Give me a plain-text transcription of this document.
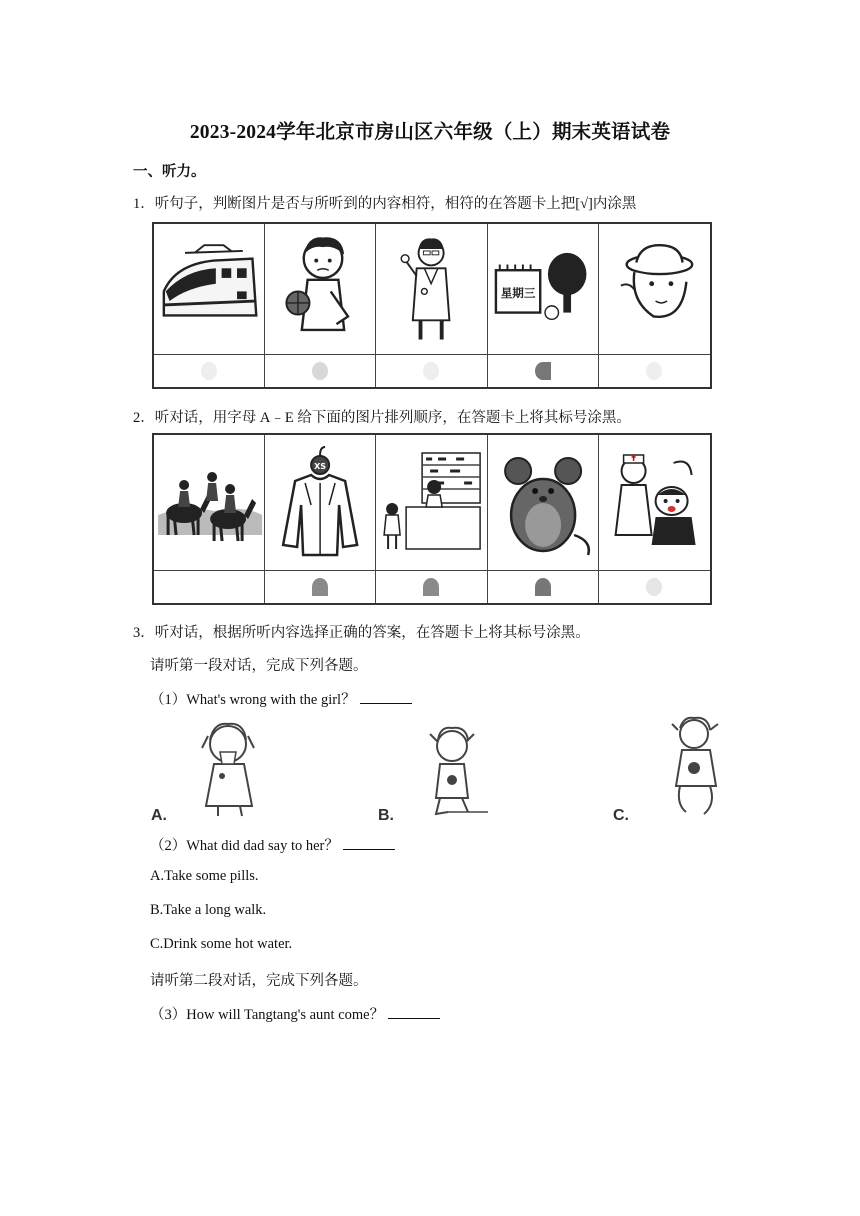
2023-2024学年北京市房山区六年级（上）期末英语试卷
一、听力。
1．听句子，判断图片是否与所听到的内容相符，相符的在答题卡上把[√]内涂黑
星期三
2．听对话，用字母 A﹣E 给下面的图片排列顺序，在答题卡上将其标号涂黑。
XS
3．听对话，根据所听内容选择正确的答案，在答题卡上将其标号涂黑。
请听第一段对话，完成下列各题。
（1）What's wrong with the girl？
A.	B.	C.
（2）What did dad say to her？
A.Take some pills.
B.Take a long walk.
C.Drink some hot water.
请听第二段对话，完成下列各题。
（3）How will Tangtang's aunt come？
